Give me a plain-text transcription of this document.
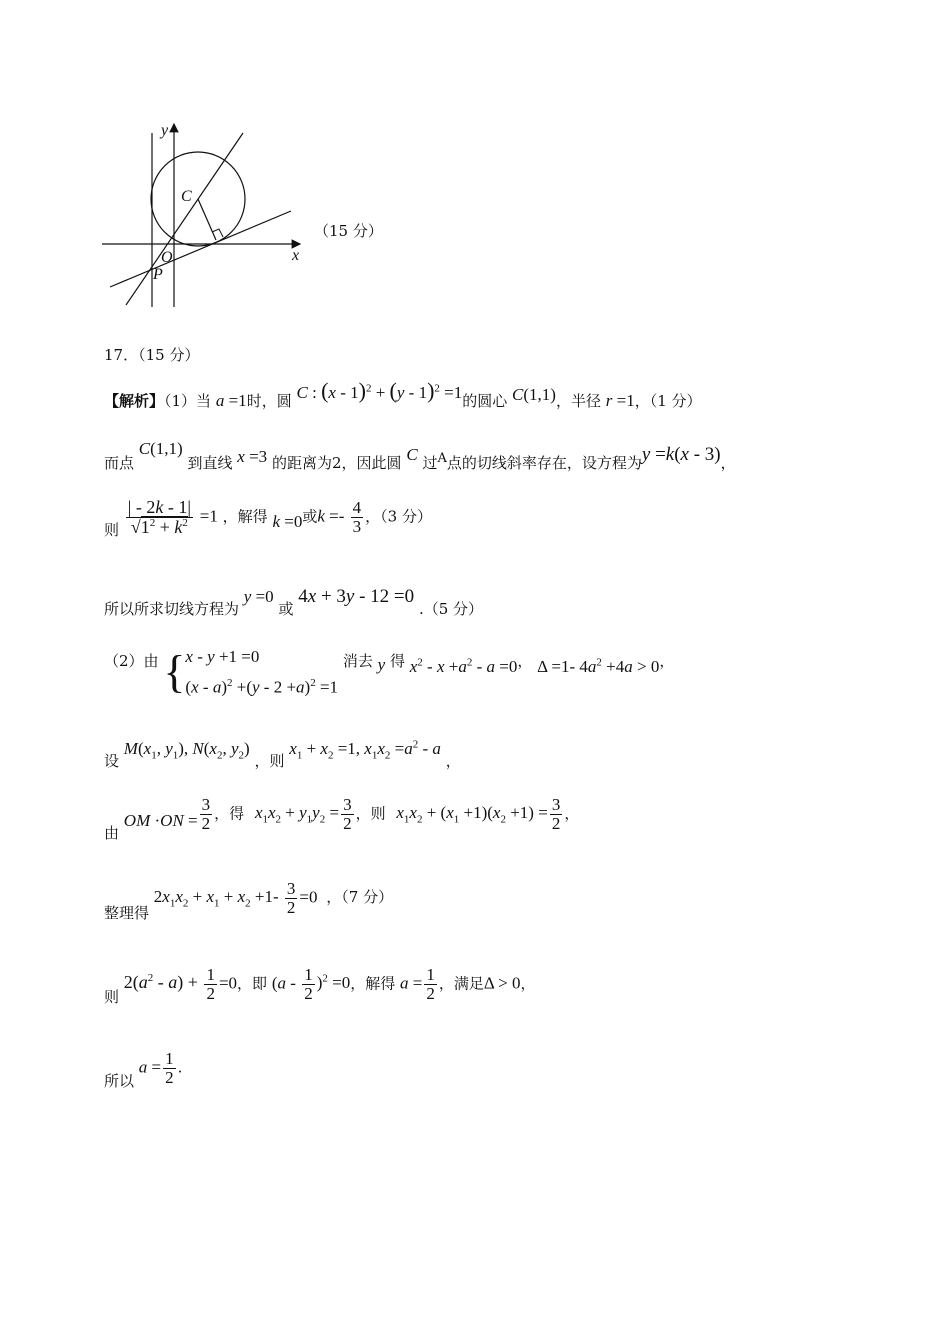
y
x
C
O
P
（15 分）
17．（15 分）
【解析】（1）当 a =1时，圆 C : (x - 1)$^2$ + (y - 1)$^2$ =1的圆心 C(1,1)，半径 r =1，（1 分）
而点 C(1,1) 到直线 x =3 的距离为2，因此圆 C 过A点的切线斜率存在，设方程为y =k(x - 3)，
则 $\frac{| - 2k - 1|}{√1^2 + k^2} =1$ ，解得 k =0或$k =- \frac{4}{3}$ ，（3 分）
所以所求切线方程为 y =0 或 4x + 3y - 12 =0 .（5 分）
（2）由 { x - y +1 =0
$(x - a)^2 +(y - 2 +a)^2 =1$
消去 y 得 $x^2 - x +a^2 - a =0$， Δ =1- $4a^2 +4a > 0$，
设 $M(x_1$, $y_1$), $N(x_2$, $y_2$) ，则 $x_1 + x_2 =1$, $x_1x_2 =a^2 - a$ ，
由 OM $\cdot ON = \frac{3}{2}$ ，得 $x_1x_2 + y_1y_2 = \frac{3}{2}$ ，则 $x_1x_2 + (x_1 +1)(x_2 +1) = \frac{3}{2}$ ，
整理得 $2x_1x_2 + x_1 + x_2 +1- \frac{3}{2} =0$ ，（7 分）
则 $2(a^2 - a) + \frac{1}{2} =0$，即 $(a - \frac{1}{2} )^2 =0$，解得 $a = \frac{1}{2}$ ，满足Δ > 0，
所以 $a = \frac{1}{2}$ .
